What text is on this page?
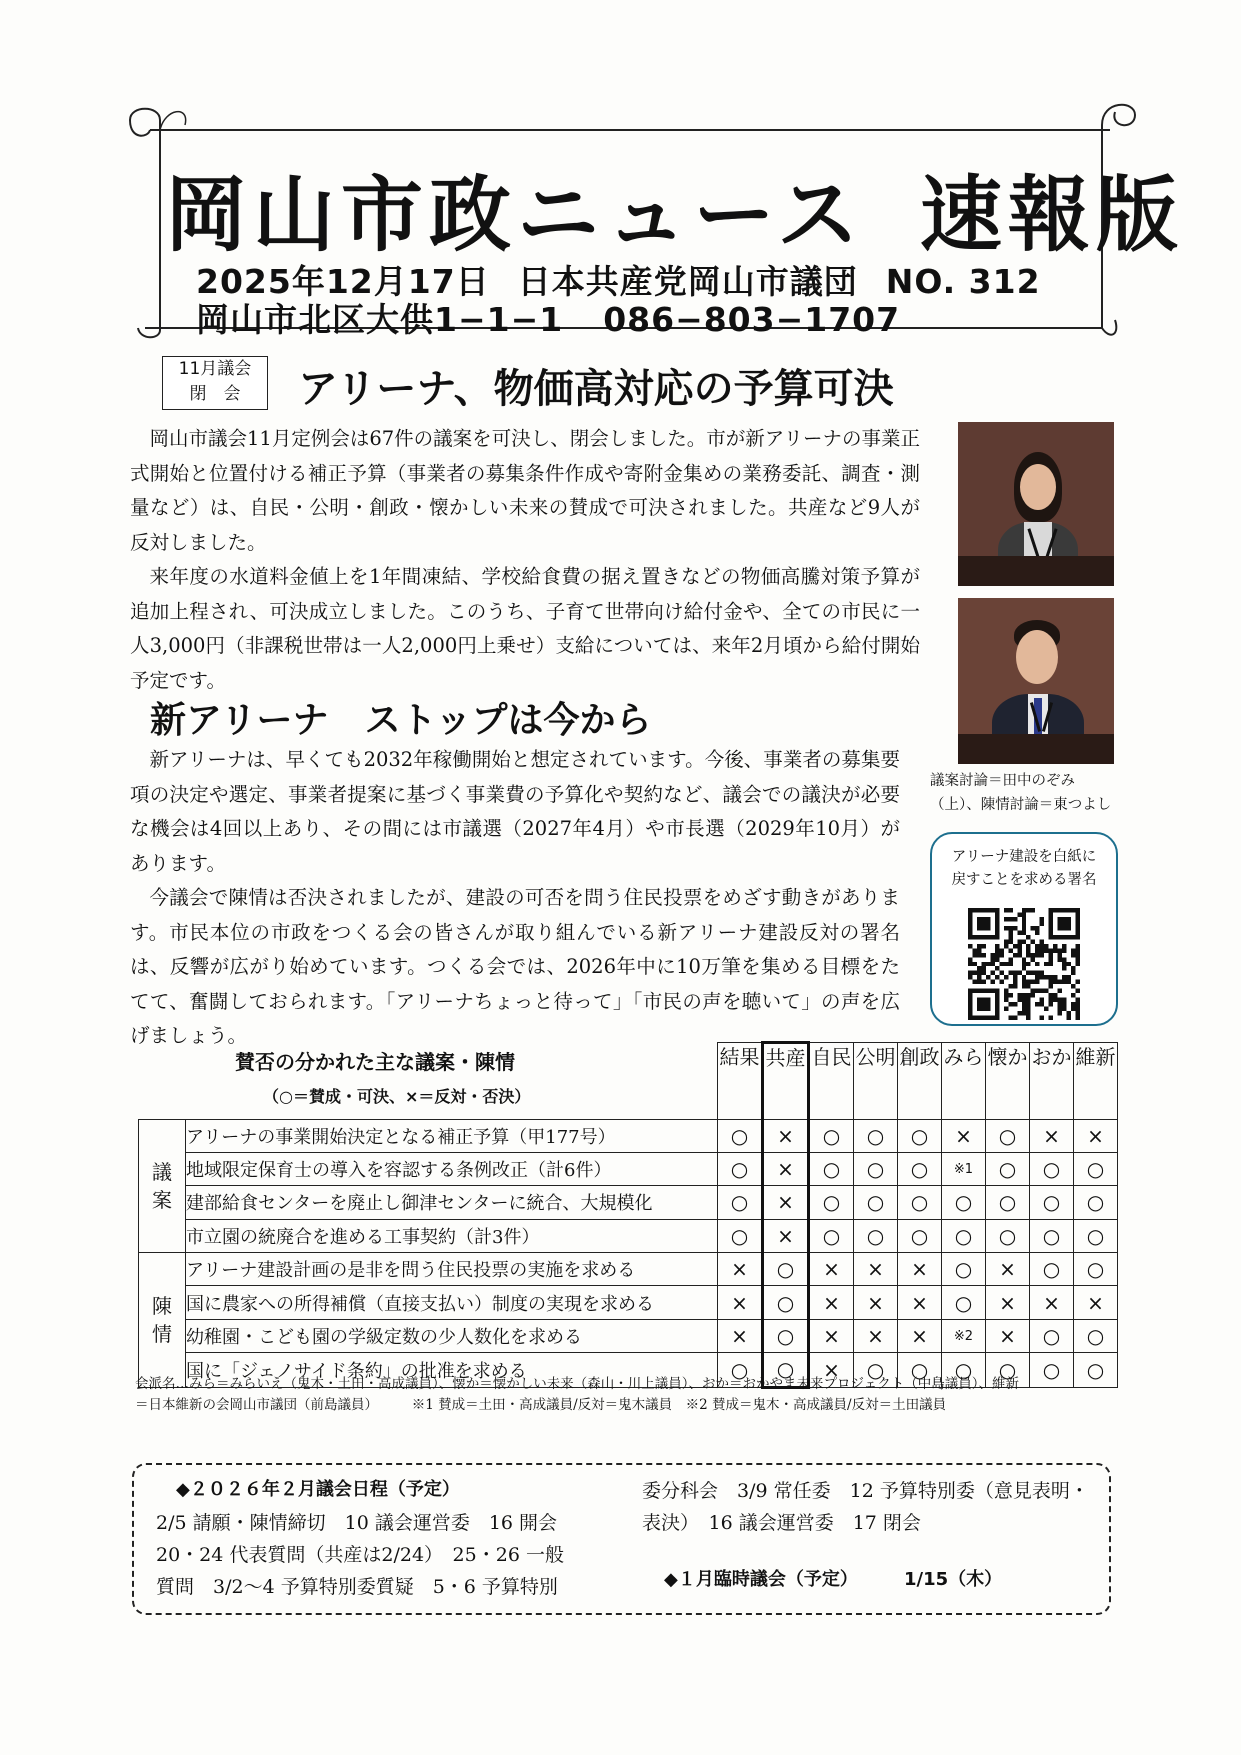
岡山市政ニュース 速報版
2025年12月17日 日本共産党岡山市議団 NO. 312
岡山市北区大供1−1−1 086−803−1707
11月議会
閉　会	アリーナ、物価高対応の予算可決
岡山市議会11月定例会は67件の議案を可決し、閉会しました。市が新アリーナの事業正式開始と位置付ける補正予算（事業者の募集条件作成や寄附金集めの業務委託、調査・測量など）は、自民・公明・創政・懐かしい未来の賛成で可決されました。共産など9人が反対しました。
来年度の水道料金値上を1年間凍結、学校給食費の据え置きなどの物価高騰対策予算が追加上程され、可決成立しました。このうち、子育て世帯向け給付金や、全ての市民に一人3,000円（非課税世帯は一人2,000円上乗せ）支給については、来年2月頃から給付開始予定です。
新アリーナ ストップは今から
新アリーナは、早くても2032年稼働開始と想定されています。今後、事業者の募集要項の決定や選定、事業者提案に基づく事業費の予算化や契約など、議会での議決が必要な機会は4回以上あり、その間には市議選（2027年4月）や市長選（2029年10月）があります。
今議会で陳情は否決されましたが、建設の可否を問う住民投票をめざす動きがあります。市民本位の市政をつくる会の皆さんが取り組んでいる新アリーナ建設反対の署名は、反響が広がり始めています。つくる会では、2026年中に10万筆を集める目標をたてて、奮闘しておられます。「アリーナちょっと待って」「市民の声を聴いて」の声を広げましょう。
議案討論＝田中のぞみ
（上）、陳情討論＝東つよし
アリーナ建設を白紙に
戻すことを求める署名
賛否の分かれた主な議案・陳情
（○＝賛成・可決、×＝反対・否決）
		結果	共産	自民	公明	創政	みら	懐か	おか	維新

議案	アリーナの事業開始決定となる補正予算（甲177号）	○	×	○	○	○	×	○	×	×
	地域限定保育士の導入を容認する条例改正（計6件）	○	×	○	○	○	※1	○	○	○
	建部給食センターを廃止し御津センターに統合、大規模化	○	×	○	○	○	○	○	○	○
	市立園の統廃合を進める工事契約（計3件）	○	×	○	○	○	○	○	○	○

陳情	アリーナ建設計画の是非を問う住民投票の実施を求める	×	○	×	×	×	○	×	○	○
	国に農家への所得補償（直接支払い）制度の実現を求める	×	○	×	×	×	○	×	×	×
	幼稚園・こども園の学級定数の少人数化を求める	×	○	×	×	×	※2	×	○	○
	国に「ジェノサイド条約」の批准を求める	○	○	×	○	○	○	○	○	○
会派名…みら＝みらいえ（鬼木・土田・高成議員）、懐か＝懐かしい未来（森山・川上議員）、おか＝おかやま未来プロジェクト（中島議員）、維新
＝日本維新の会岡山市議団（前島議員）　　　※1 賛成＝土田・高成議員/反対＝鬼木議員　※2 賛成＝鬼木・高成議員/反対＝土田議員
◆２０２６年２月議会日程（予定）
2/5 請願・陳情締切　10 議会運営委　16 開会　20・24 代表質問（共産は2/24）　25・26 一般質問　3/2〜4 予算特別委質疑　5・6 予算特別
委分科会　3/9 常任委　12 予算特別委（意見表明・表決）　16 議会運営委　17 閉会
◆１月臨時議会（予定）	1/15（木）
